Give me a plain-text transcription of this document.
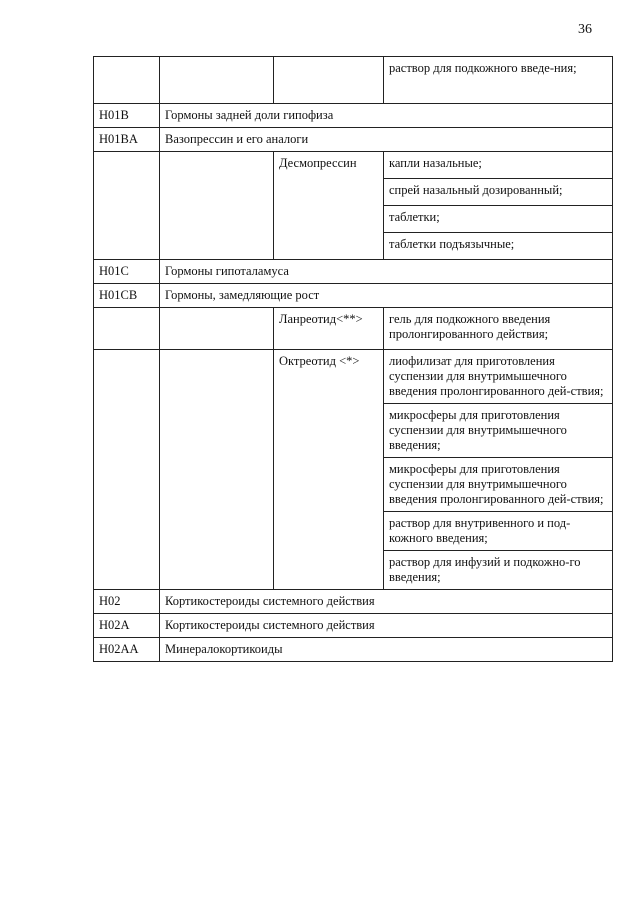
36
			раствор для подкожного введе-ния;
H01B	Гормоны задней доли гипофиза		
H01BA	Вазопрессин и его аналоги		
		Десмопрессин	капли назальные;
			спрей назальный дозированный;
			таблетки;
			таблетки подъязычные;
H01C	Гормоны гипоталамуса		
H01CB	Гормоны, замедляющие рост		
		Ланреотид<**>	гель для подкожного введения пролонгированного действия;
		Октреотид <*>	лиофилизат для приготовления суспензии для внутримышечного введения пролонгированного дей-ствия;
			микросферы для приготовления суспензии для внутримышечного введения;
			микросферы для приготовления суспензии для внутримышечного введения пролонгированного дей-ствия;
			раствор для внутривенного и под-кожного введения;
			раствор для инфузий и подкожно-го введения;
H02	Кортикостероиды системного действия		
H02A	Кортикостероиды системного действия		
H02AA	Минералокортикоиды		
